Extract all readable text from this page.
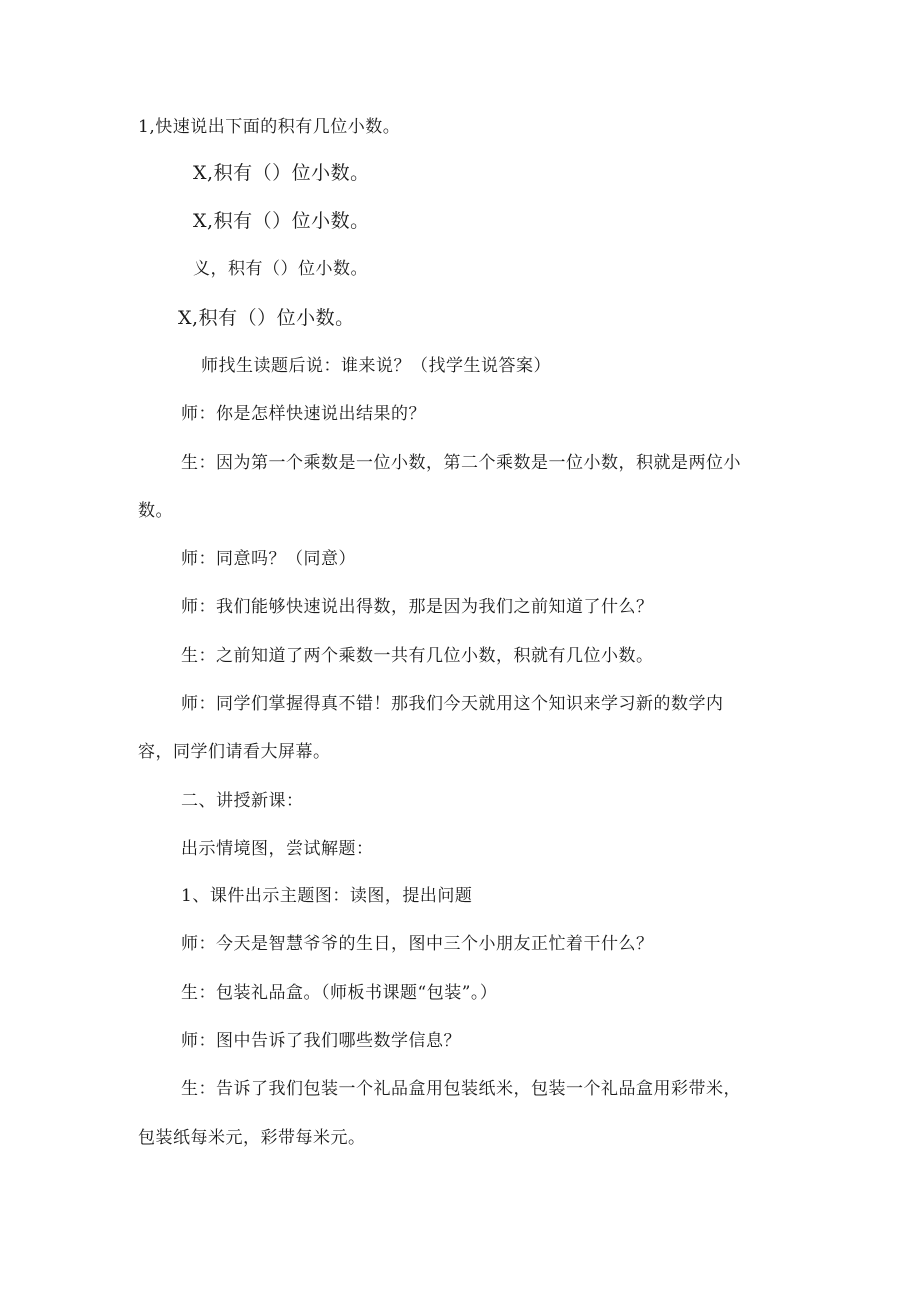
1,快速说出下面的积有几位小数。
X,积有（）位小数。
X,积有（）位小数。
义，积有（）位小数。
X,积有（）位小数。
师找生读题后说：谁来说？（找学生说答案）
师：你是怎样快速说出结果的？
生：因为第一个乘数是一位小数，第二个乘数是一位小数，积就是两位小
数。
师：同意吗？（同意）
师：我们能够快速说出得数，那是因为我们之前知道了什么？
生：之前知道了两个乘数一共有几位小数，积就有几位小数。
师：同学们掌握得真不错！那我们今天就用这个知识来学习新的数学内
容，同学们请看大屏幕。
二、讲授新课：
出示情境图，尝试解题：
1、课件出示主题图：读图，提出问题
师：今天是智慧爷爷的生日，图中三个小朋友正忙着干什么？
生：包装礼品盒。（师板书课题“包装”。）
师：图中告诉了我们哪些数学信息？
生：告诉了我们包装一个礼品盒用包装纸米，包装一个礼品盒用彩带米，
包装纸每米元，彩带每米元。
